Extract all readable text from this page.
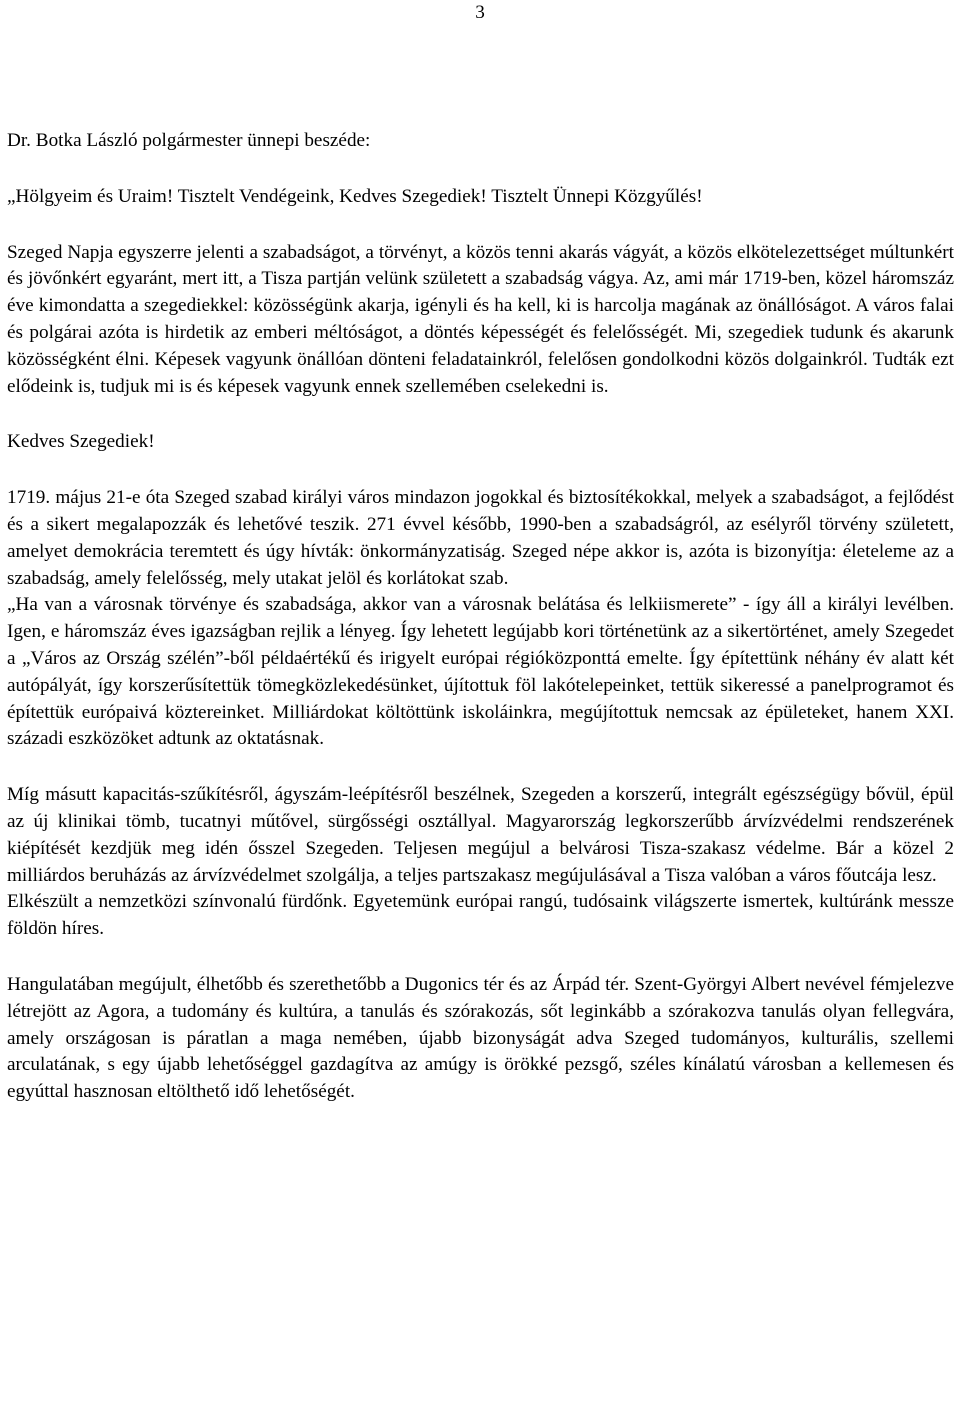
3

Dr. Botka László polgármester ünnepi beszéde:

„Hölgyeim és Uraim! Tisztelt Vendégeink, Kedves Szegediek! Tisztelt Ünnepi Közgyűlés!

Szeged Napja egyszerre jelenti a szabadságot, a törvényt, a közös tenni akarás vágyát, a közös elkötelezettséget múltunkért és jövőnkért egyaránt, mert itt, a Tisza partján velünk született a szabadság vágya. Az, ami már 1719-ben, közel háromszáz éve kimondatta a szegediekkel: közösségünk akarja, igényli és ha kell, ki is harcolja magának az önállóságot. A város falai és polgárai azóta is hirdetik az emberi méltóságot, a döntés képességét és felelősségét. Mi, szegediek tudunk és akarunk közösségként élni. Képesek vagyunk önállóan dönteni feladatainkról, felelősen gondolkodni közös dolgainkról. Tudták ezt elődeink is, tudjuk mi is és képesek vagyunk ennek szellemében cselekedni is.

Kedves Szegediek!

1719. május 21-e óta Szeged szabad királyi város mindazon jogokkal és biztosítékokkal, melyek a szabadságot, a fejlődést és a sikert megalapozzák és lehetővé teszik. 271 évvel később, 1990-ben a szabadságról, az esélyről törvény született, amelyet demokrácia teremtett és úgy hívták: önkormányzatiság. Szeged népe akkor is, azóta is bizonyítja: életeleme az a szabadság, amely felelősség, mely utakat jelöl és korlátokat szab.

„Ha van a városnak törvénye és szabadsága, akkor van a városnak belátása és lelkiismerete” - így áll a királyi levélben. Igen, e háromszáz éves igazságban rejlik a lényeg. Így lehetett legújabb kori történetünk az a sikertörténet, amely Szegedet a „Város az Ország szélén”-ből példaértékű és irigyelt európai régióközponttá emelte. Így építettünk néhány év alatt két autópályát, így korszerűsítettük tömegközlekedésünket, újítottuk föl lakótelepeinket, tettük sikeressé a panelprogramot és építettük európaivá köztereinket. Milliárdokat költöttünk iskoláinkra, megújítottuk nemcsak az épületeket, hanem XXI. századi eszközöket adtunk az oktatásnak.

Míg másutt kapacitás-szűkítésről, ágyszám-leépítésről beszélnek, Szegeden a korszerű, integrált egészségügy bővül, épül az új klinikai tömb, tucatnyi műtővel, sürgősségi osztállyal. Magyarország legkorszerűbb árvízvédelmi rendszerének kiépítését kezdjük meg idén ősszel Szegeden. Teljesen megújul a belvárosi Tisza-szakasz védelme. Bár a közel 2 milliárdos beruházás az árvízvédelmet szolgálja, a teljes partszakasz megújulásával a Tisza valóban a város főutcája lesz.

Elkészült a nemzetközi színvonalú fürdőnk. Egyetemünk európai rangú, tudósaink világszerte ismertek, kultúránk messze földön híres.

Hangulatában megújult, élhetőbb és szerethetőbb a Dugonics tér és az Árpád tér. Szent-Györgyi Albert nevével fémjelezve létrejött az Agora, a tudomány és kultúra, a tanulás és szórakozás, sőt leginkább a szórakozva tanulás olyan fellegvára, amely országosan is páratlan a maga nemében, újabb bizonyságát adva Szeged tudományos, kulturális, szellemi arculatának, s egy újabb lehetőséggel gazdagítva az amúgy is örökké pezsgő, széles kínálatú városban a kellemesen és egyúttal hasznosan eltölthető idő lehetőségét.
